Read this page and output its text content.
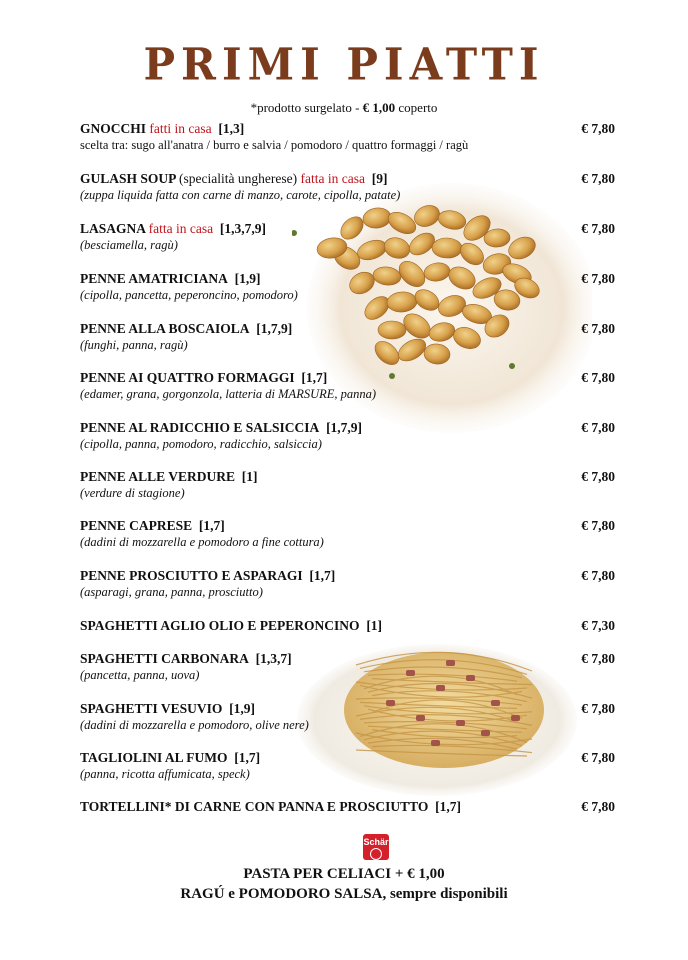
PRIMI PIATTI
*prodotto surgelato - € 1,00 coperto
GNOCCHI fatti in casa [1,3]
scelta tra: sugo all'anatra / burro e salvia / pomodoro / quattro formaggi / ragù
€ 7,80
GULASH SOUP (specialità ungherese) fatta in casa [9]
(zuppa liquida fatta con carne di manzo, carote, cipolla, patate)
€ 7,80
LASAGNA fatta in casa [1,3,7,9]
(besciamella, ragù)
€ 7,80
PENNE AMATRICIANA [1,9]
(cipolla, pancetta, peperoncino, pomodoro)
€ 7,80
PENNE ALLA BOSCAIOLA [1,7,9]
(funghi, panna, ragù)
€ 7,80
PENNE AI QUATTRO FORMAGGI [1,7]
(edamer, grana, gorgonzola, latteria di MARSURE, panna)
€ 7,80
PENNE AL RADICCHIO E SALSICCIA [1,7,9]
(cipolla, panna, pomodoro, radicchio, salsiccia)
€ 7,80
PENNE ALLE VERDURE [1]
(verdure di stagione)
€ 7,80
PENNE CAPRESE [1,7]
(dadini di mozzarella e pomodoro a fine cottura)
€ 7,80
PENNE PROSCIUTTO E ASPARAGI [1,7]
(asparagi, grana, panna, prosciutto)
€ 7,80
SPAGHETTI AGLIO OLIO E PEPERONCINO [1]	€ 7,30
SPAGHETTI CARBONARA [1,3,7]
(pancetta, panna, uova)
€ 7,80
SPAGHETTI VESUVIO [1,9]
(dadini di mozzarella e pomodoro, olive nere)
€ 7,80
TAGLIOLINI AL FUMO [1,7]
(panna, ricotta affumicata, speck)
€ 7,80
TORTELLINI* DI CARNE CON PANNA E PROSCIUTTO [1,7]	€ 7,80
Schär
PASTA PER CELIACI + € 1,00
RAGÚ e POMODORO SALSA, sempre disponibili
